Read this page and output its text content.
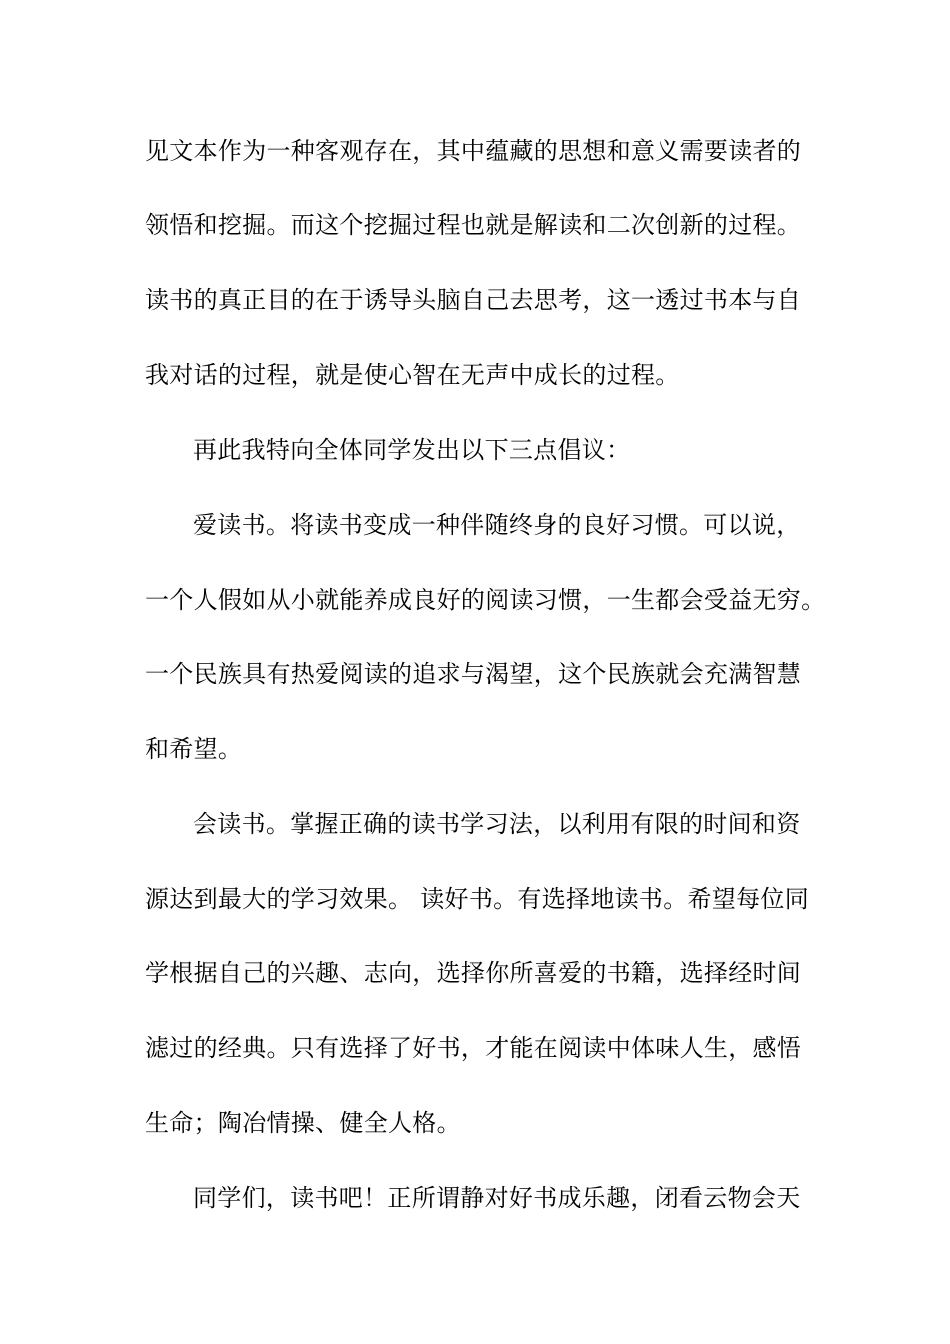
见文本作为一种客观存在，其中蕴藏的思想和意义需要读者的
领悟和挖掘。而这个挖掘过程也就是解读和二次创新的过程。
读书的真正目的在于诱导头脑自己去思考，这一透过书本与自
我对话的过程，就是使心智在无声中成长的过程。
再此我特向全体同学发出以下三点倡议：
爱读书。将读书变成一种伴随终身的良好习惯。可以说，
一个人假如从小就能养成良好的阅读习惯，一生都会受益无穷。
一个民族具有热爱阅读的追求与渴望，这个民族就会充满智慧
和希望。
会读书。掌握正确的读书学习法，以利用有限的时间和资
源达到最大的学习效果。 读好书。有选择地读书。希望每位同
学根据自己的兴趣、志向，选择你所喜爱的书籍，选择经时间
滤过的经典。只有选择了好书，才能在阅读中体味人生，感悟
生命；陶冶情操、健全人格。
同学们，读书吧！正所谓静对好书成乐趣，闭看云物会天
